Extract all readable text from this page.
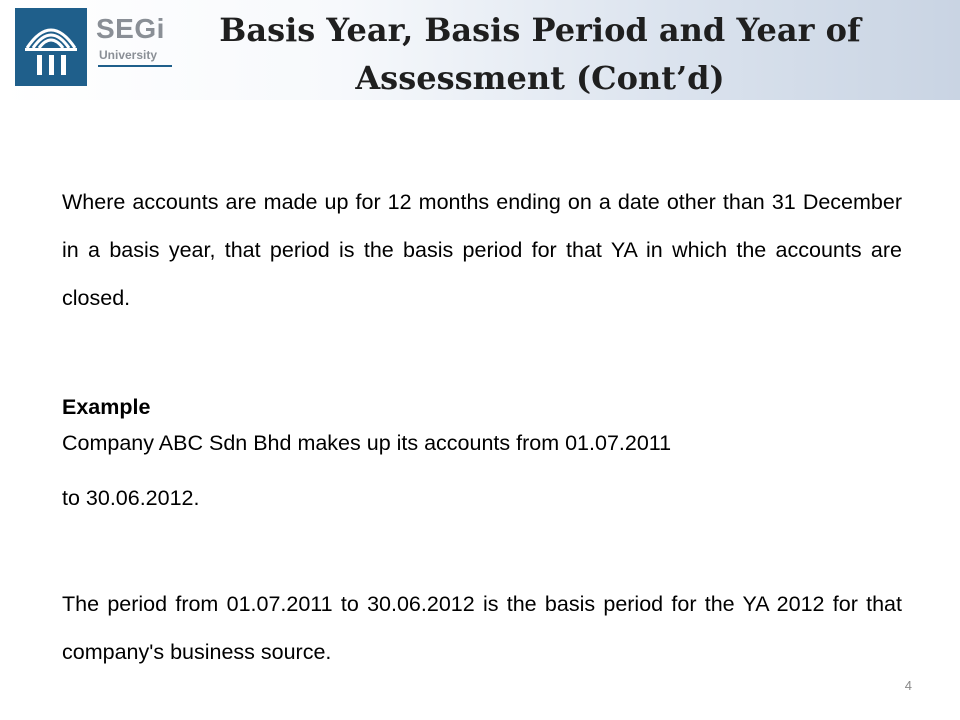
SEGi
University
Basis Year, Basis Period and Year of
Assessment (Cont’d)

Where accounts are made up for 12 months ending on a date other than 31 December in a basis year, that period is the basis period for that YA in which the accounts are closed.

Example

Company ABC Sdn Bhd makes up its accounts from 01.07.2011
to 30.06.2012.

The period from 01.07.2011 to 30.06.2012 is the basis period for the YA 2012 for that company's business source.

4
